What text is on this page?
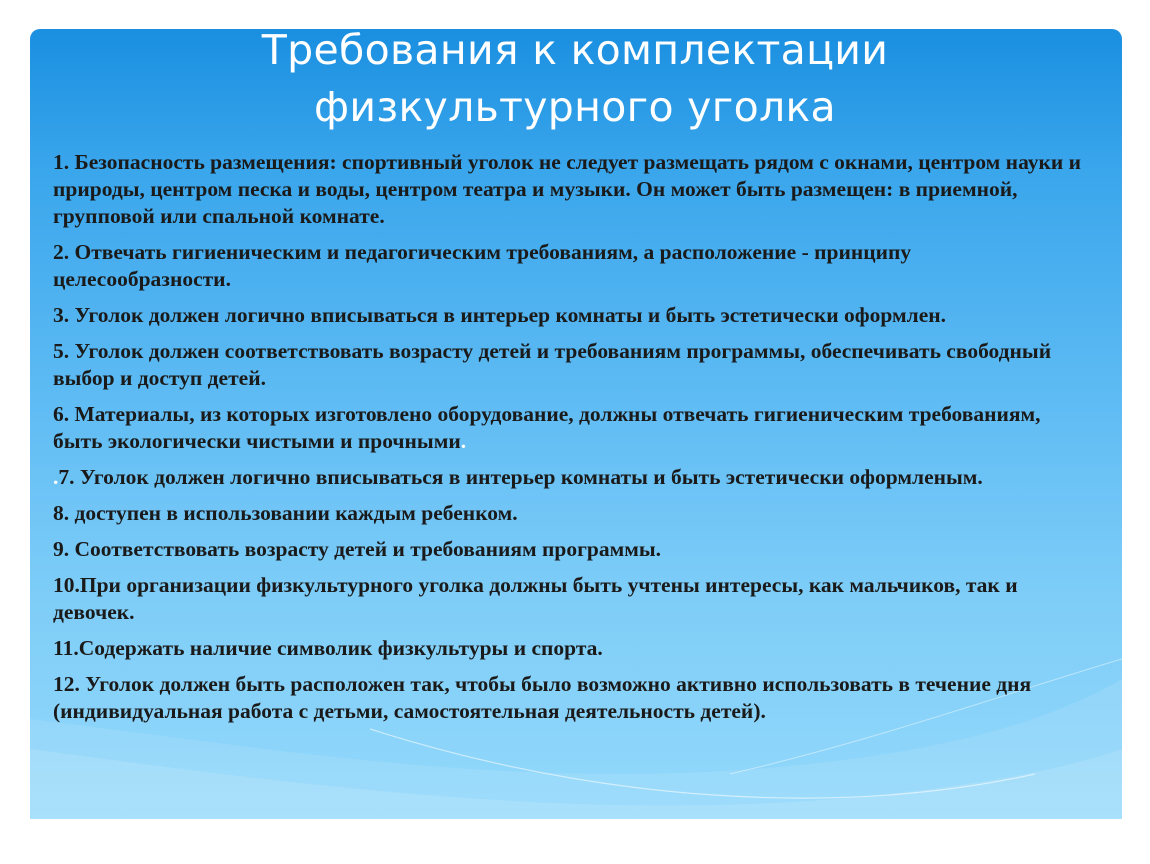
Требования к комплектации
физкультурного уголка
1. Безопасность размещения: спортивный уголок не следует размещать рядом с окнами, центром науки и природы, центром песка и воды, центром театра и музыки. Он может быть размещен: в приемной, групповой или спальной комнате.
2. Отвечать гигиеническим и педагогическим требованиям, а расположение - принципу целесообразности.
3. Уголок должен логично вписываться в интерьер комнаты и быть эстетически оформлен.
5. Уголок должен соответствовать возрасту детей и требованиям программы, обеспечивать свободный выбор и доступ детей.
6. Материалы, из которых изготовлено оборудование, должны отвечать гигиеническим требованиям, быть экологически чистыми и прочными.
.7. Уголок должен логично вписываться в интерьер комнаты и быть эстетически оформленым.
8. доступен в использовании каждым ребенком.
9. Соответствовать возрасту детей и требованиям программы.
10.При организации физкультурного уголка должны быть учтены интересы, как мальчиков, так и девочек.
11.Содержать наличие символик физкультуры и спорта.
12. Уголок должен быть расположен так, чтобы было возможно активно использовать в течение дня (индивидуальная работа с детьми, самостоятельная деятельность детей).
